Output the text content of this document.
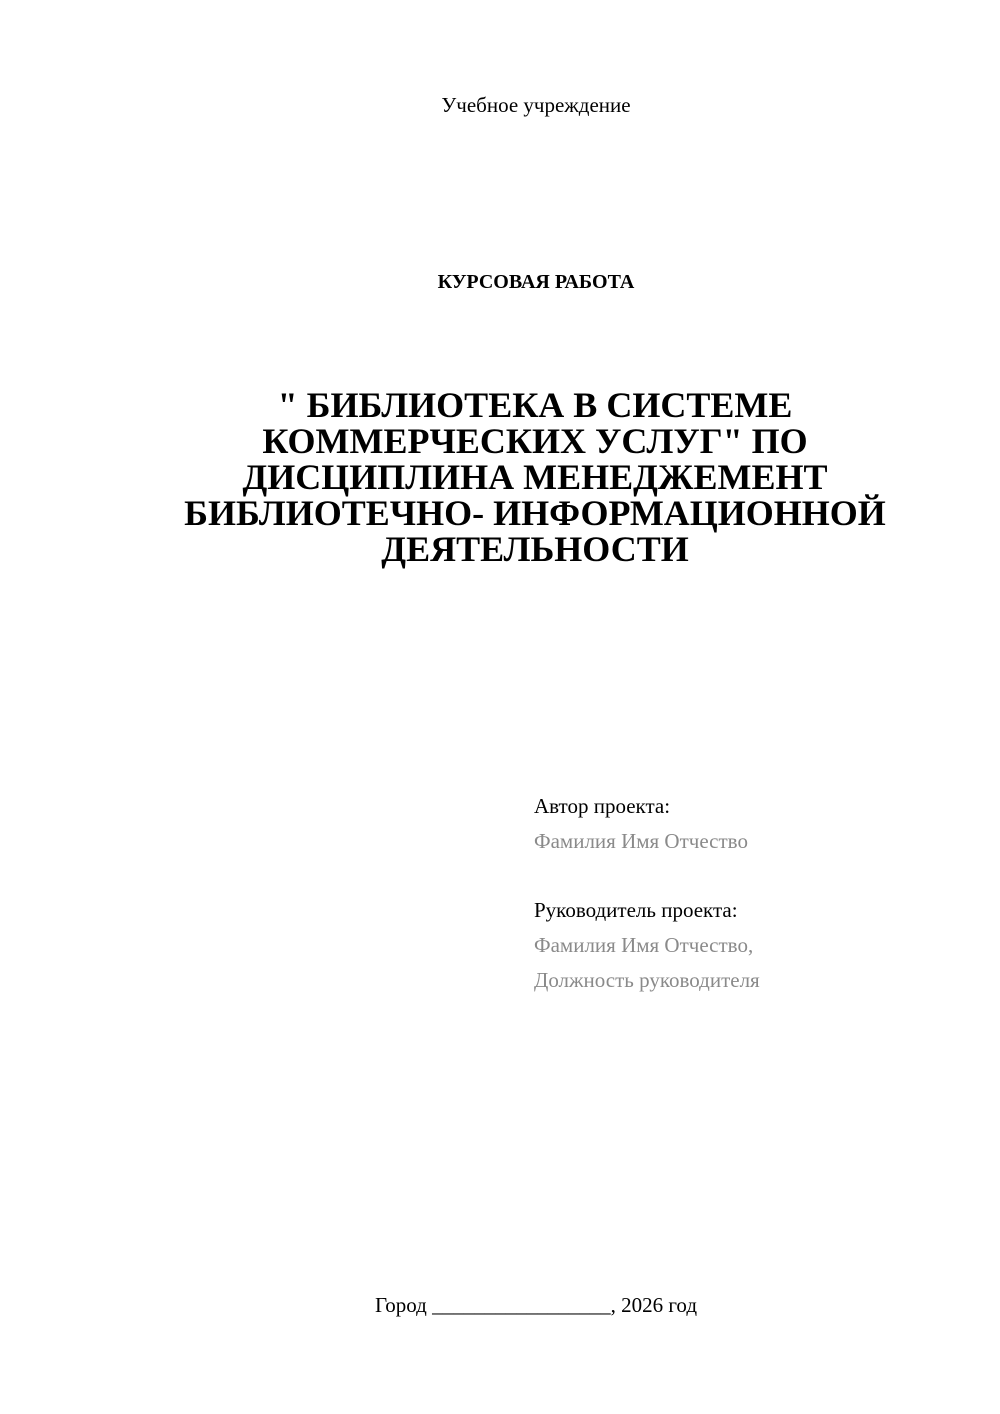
Учебное учреждение
КУРСОВАЯ РАБОТА
" БИБЛИОТЕКА В СИСТЕМЕ
КОММЕРЧЕСКИХ УСЛУГ" ПО
ДИСЦИПЛИНА МЕНЕДЖЕМЕНТ
БИБЛИОТЕЧНО- ИНФОРМАЦИОННОЙ
ДЕЯТЕЛЬНОСТИ
Автор проекта:
Фамилия Имя Отчество
Руководитель проекта:
Фамилия Имя Отчество,
Должность руководителя
Город _________________, 2026 год
